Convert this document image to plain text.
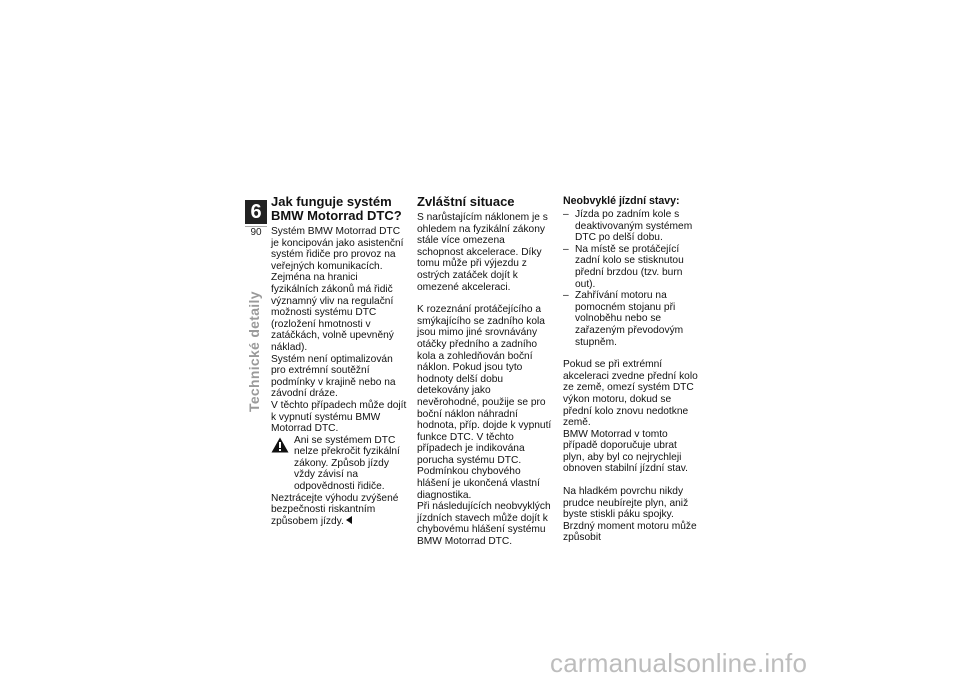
6
90
Technické detaily
Jak funguje systém BMW Motorrad DTC?

Systém BMW Motorrad DTC je koncipován jako asistenční systém řidiče pro provoz na veřejných komunikacích. Zejména na hranici fyzikálních zákonů má řidič významný vliv na regulační možnosti systému DTC (rozložení hmotnosti v zatáčkách, volně upevněný náklad).

Systém není optimalizován pro extrémní soutěžní podmínky v krajině nebo na závodní dráze.

V těchto případech může dojít k vypnutí systému BMW Motorrad DTC.

Ani se systémem DTC nelze překročit fyzikální zákony. Způsob jízdy vždy závisí na odpovědnosti řidiče.

Neztrácejte výhodu zvýšené bezpečnosti riskantním způsobem jízdy.

Zvláštní situace

S narůstajícím náklonem je s ohledem na fyzikální zákony stále více omezena schopnost akcelerace. Díky tomu může při výjezdu z ostrých zatáček dojít k omezené akceleraci.

K rozeznání protáčejícího a smýkajícího se zadního kola jsou mimo jiné srovnávány otáčky předního a zadního kola a zohledňován boční náklon. Pokud jsou tyto hodnoty delší dobu detekovány jako nevěrohodné, použije se pro boční náklon náhradní hodnota, příp. dojde k vypnutí funkce DTC. V těchto případech je indikována porucha systému DTC. Podmínkou chybového hlášení je ukončená vlastní diagnostika.

Při následujících neobvyklých jízdních stavech může dojít k chybovému hlášení systému BMW Motorrad DTC.

Neobvyklé jízdní stavy:
– Jízda po zadním kole s deaktivovaným systémem DTC po delší dobu.
– Na místě se protáčející zadní kolo se stisknutou přední brzdou (tzv. burn out).
– Zahřívání motoru na pomocném stojanu při volnoběhu nebo se zařazeným převodovým stupněm.

Pokud se při extrémní akceleraci zvedne přední kolo ze země, omezí systém DTC výkon motoru, dokud se přední kolo znovu nedotkne země.

BMW Motorrad v tomto případě doporučuje ubrat plyn, aby byl co nejrychleji obnoven stabilní jízdní stav.

Na hladkém povrchu nikdy prudce neubírejte plyn, aniž byste stiskli páku spojky. Brzdný moment motoru může způsobit

carmanualsonline.info
